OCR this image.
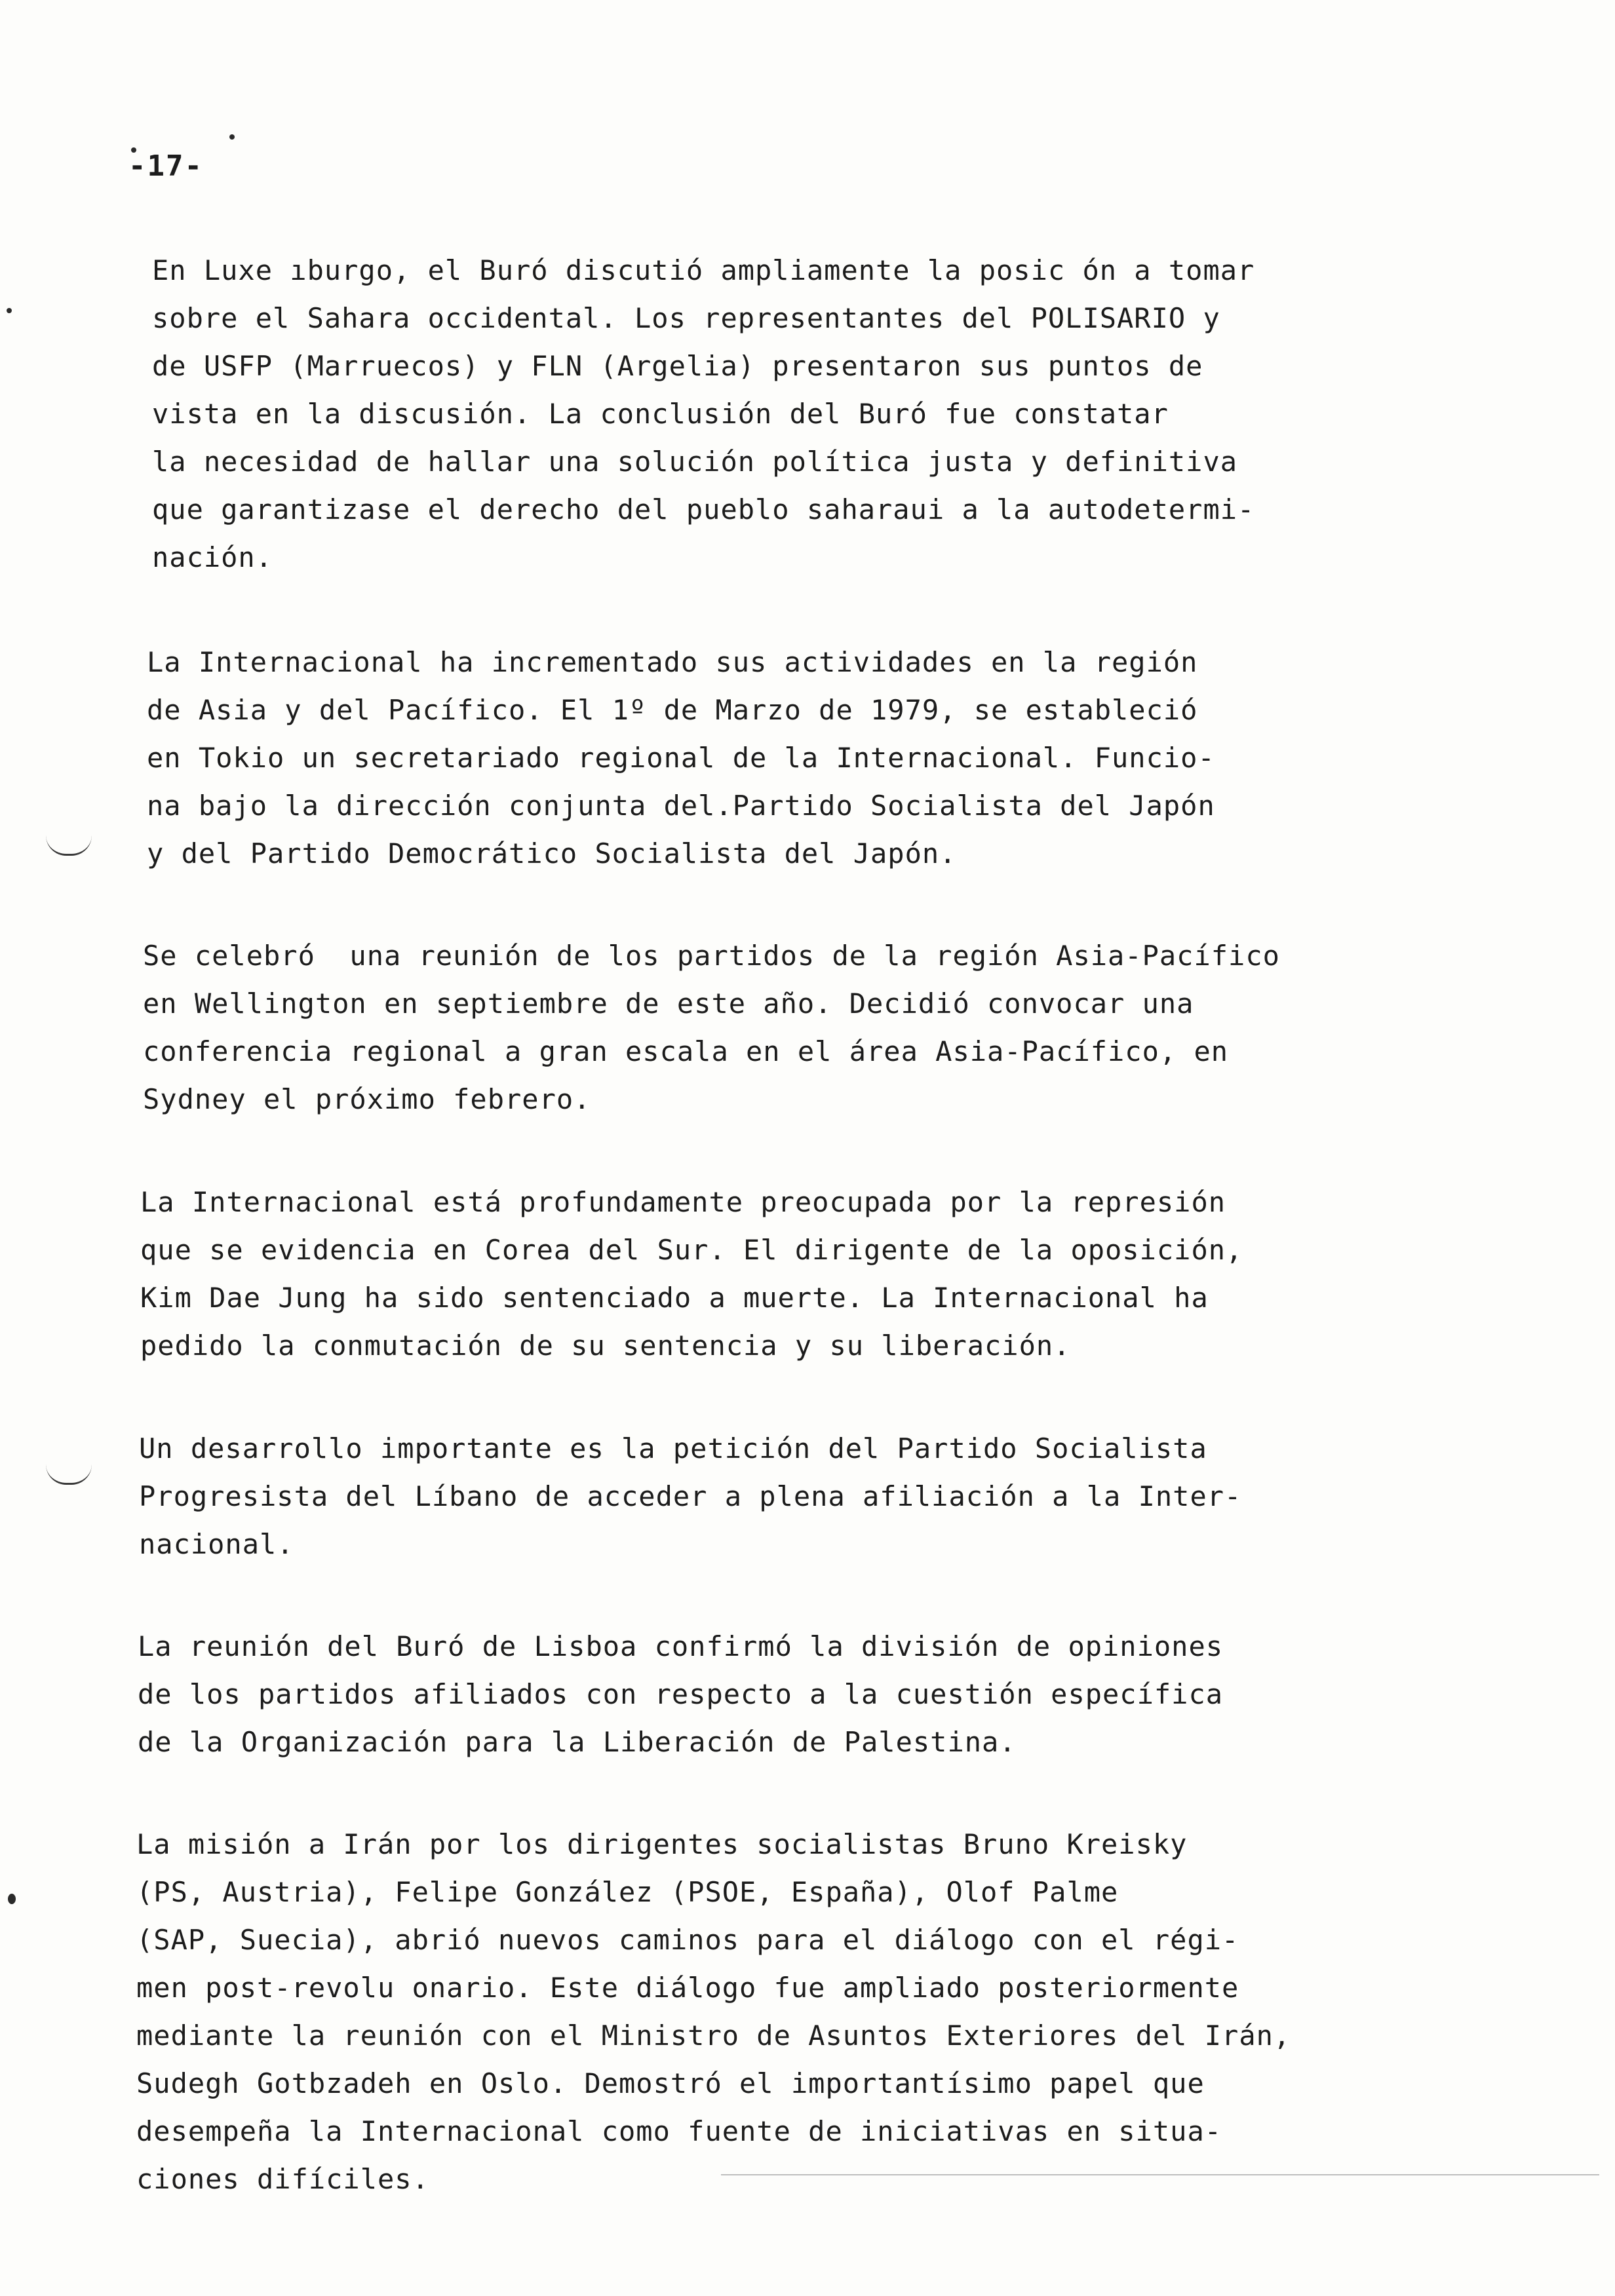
-17-
En Luxe ıburgo, el Buró discutió ampliamente la posic ón a tomar
sobre el Sahara occidental. Los representantes del POLISARIO y
de USFP (Marruecos) y FLN (Argelia) presentaron sus puntos de
vista en la discusión. La conclusión del Buró fue constatar
la necesidad de hallar una solución política justa y definitiva
que garantizase el derecho del pueblo saharaui a la autodetermi-
nación.
La Internacional ha incrementado sus actividades en la región
de Asia y del Pacífico. El 1º de Marzo de 1979, se estableció
en Tokio un secretariado regional de la Internacional. Funcio-
na bajo la dirección conjunta del.Partido Socialista del Japón
y del Partido Democrático Socialista del Japón.
Se celebró  una reunión de los partidos de la región Asia-Pacífico
en Wellington en septiembre de este año. Decidió convocar una
conferencia regional a gran escala en el área Asia-Pacífico, en
Sydney el próximo febrero.
La Internacional está profundamente preocupada por la represión
que se evidencia en Corea del Sur. El dirigente de la oposición,
Kim Dae Jung ha sido sentenciado a muerte. La Internacional ha
pedido la conmutación de su sentencia y su liberación.
Un desarrollo importante es la petición del Partido Socialista
Progresista del Líbano de acceder a plena afiliación a la Inter-
nacional.
La reunión del Buró de Lisboa confirmó la división de opiniones
de los partidos afiliados con respecto a la cuestión específica
de la Organización para la Liberación de Palestina.
La misión a Irán por los dirigentes socialistas Bruno Kreisky
(PS, Austria), Felipe González (PSOE, España), Olof Palme
(SAP, Suecia), abrió nuevos caminos para el diálogo con el régi-
men post-revolu onario. Este diálogo fue ampliado posteriormente
mediante la reunión con el Ministro de Asuntos Exteriores del Irán,
Sudegh Gotbzadeh en Oslo. Demostró el importantísimo papel que
desempeña la Internacional como fuente de iniciativas en situa-
ciones difíciles.
